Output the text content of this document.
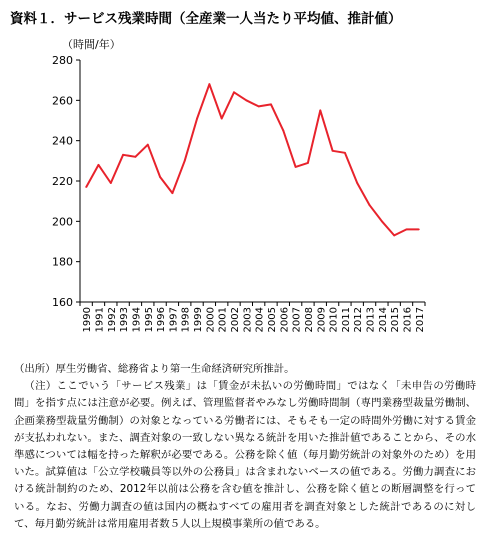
資料１．サービス残業時間（全産業一人当たり平均値、推計値）
（時間/年）
160
180
200
220
240
260
280
1990 1991 1992 1993 1994 1995 1996 1997 1998 1999 2000 2001 2002 2003 2004 2005 2006 2007 2008 2009 2010 2011 2012 2013 2014 2015 2016 2017

（出所）厚生労働省、総務省より第一生命経済研究所推計。

（注）ここでいう「サービス残業」は「賃金が未払いの労働時間」ではなく「未申告の労働時間」を指す点には注意が必要。例えば、管理監督者やみなし労働時間制（専門業務型裁量労働制、企画業務型裁量労働制）の対象となっている労働者には、そもそも一定の時間外労働に対する賃金が支払われない。また、調査対象の一致しない異なる統計を用いた推計値であることから、その水準感については幅を持った解釈が必要である。公務を除く値（毎月勤労統計の対象外のため）を用いた。試算値は「公立学校職員等以外の公務員」は含まれないベースの値である。労働力調査における統計制約のため、2012年以前は公務を含む値を推計し、公務を除く値との断層調整を行っている。なお、労働力調査の値は国内の概ねすべての雇用者を調査対象とした統計であるのに対して、毎月勤労統計は常用雇用者数５人以上規模事業所の値である。
